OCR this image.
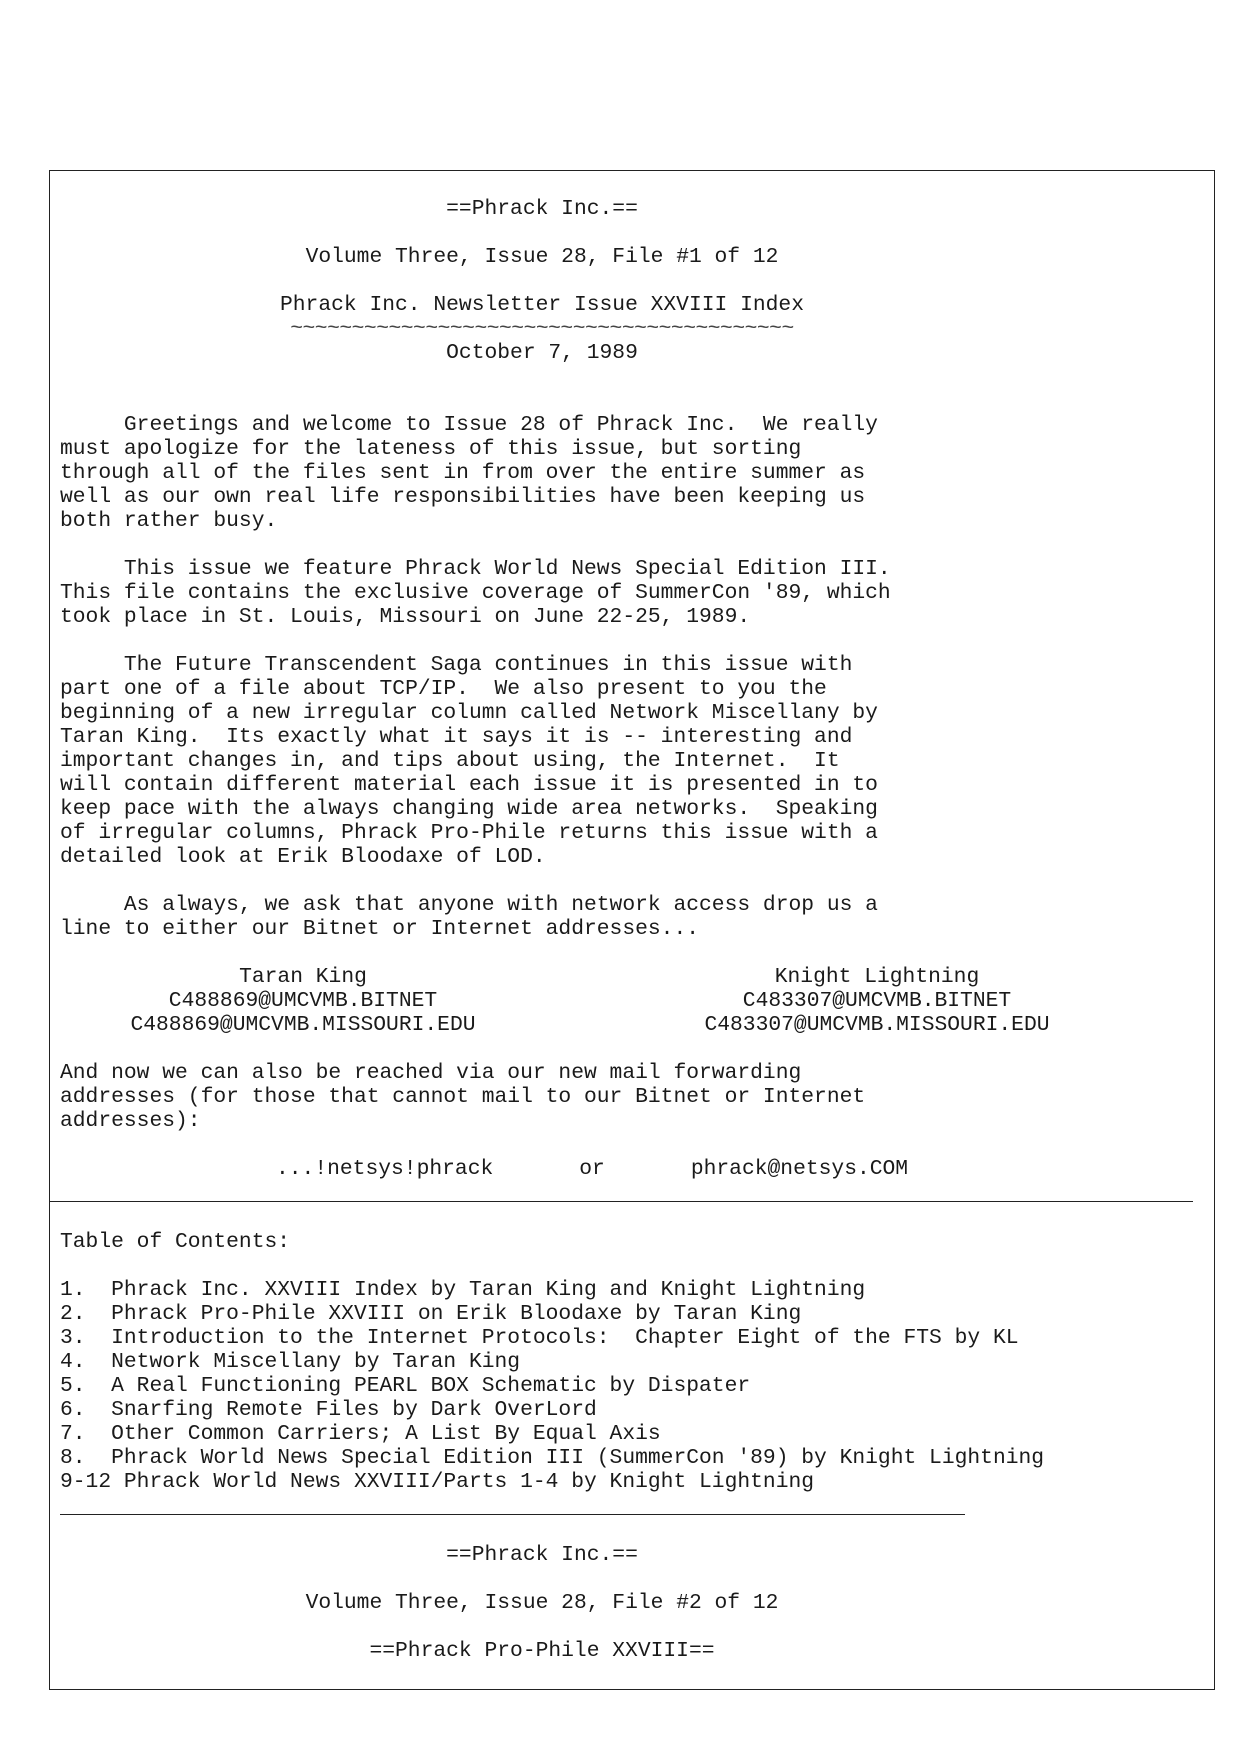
==Phrack Inc.==
Volume Three, Issue 28, File #1 of 12
Phrack Inc. Newsletter Issue XXVIII Index
~~~~~~~~~~~~~~~~~~~~~~~~~~~~~~~~~~~~~~~~~
October 7, 1989
Greetings and welcome to Issue 28 of Phrack Inc.  We really
must apologize for the lateness of this issue, but sorting
through all of the files sent in from over the entire summer as
well as our own real life responsibilities have been keeping us
both rather busy.
This issue we feature Phrack World News Special Edition III.
This file contains the exclusive coverage of SummerCon '89, which
took place in St. Louis, Missouri on June 22-25, 1989.
The Future Transcendent Saga continues in this issue with
part one of a file about TCP/IP.  We also present to you the
beginning of a new irregular column called Network Miscellany by
Taran King.  Its exactly what it says it is -- interesting and
important changes in, and tips about using, the Internet.  It
will contain different material each issue it is presented in to
keep pace with the always changing wide area networks.  Speaking
of irregular columns, Phrack Pro-Phile returns this issue with a
detailed look at Erik Bloodaxe of LOD.
As always, we ask that anyone with network access drop us a
line to either our Bitnet or Internet addresses...
Taran King
C488869@UMCVMB.BITNET
C488869@UMCVMB.MISSOURI.EDU
Knight Lightning
C483307@UMCVMB.BITNET
C483307@UMCVMB.MISSOURI.EDU
And now we can also be reached via our new mail forwarding
addresses (for those that cannot mail to our Bitnet or Internet
addresses):
...!netsys!phrack	or	phrack@netsys.COM
Table of Contents:
1.  Phrack Inc. XXVIII Index by Taran King and Knight Lightning
2.  Phrack Pro-Phile XXVIII on Erik Bloodaxe by Taran King
3.  Introduction to the Internet Protocols:  Chapter Eight of the FTS by KL
4.  Network Miscellany by Taran King
5.  A Real Functioning PEARL BOX Schematic by Dispater
6.  Snarfing Remote Files by Dark OverLord
7.  Other Common Carriers; A List By Equal Axis
8.  Phrack World News Special Edition III (SummerCon '89) by Knight Lightning
9-12 Phrack World News XXVIII/Parts 1-4 by Knight Lightning
==Phrack Inc.==
Volume Three, Issue 28, File #2 of 12
==Phrack Pro-Phile XXVIII==
